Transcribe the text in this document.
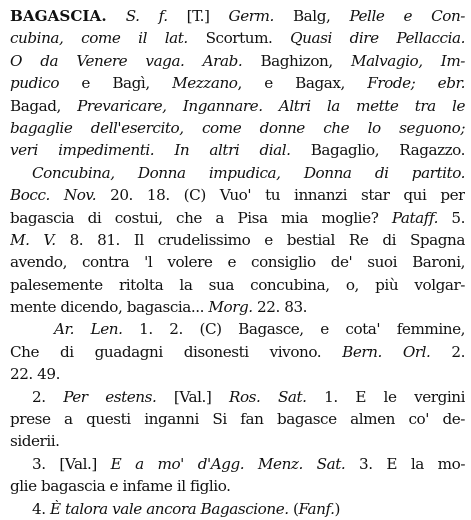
BAGASCIA. S. f. [T.] Germ. Balg, Pelle e Con-
cubina, come il lat. Scortum. Quasi dire Pellaccia.
O da Venere vaga. Arab. Baghizon, Malvagio, Im-
pudico e Bagì, Mezzano, e Bagax, Frode; ebr.
Bagad, Prevaricare, Ingannare. Altri la mette tra le
bagaglie dell'esercito, come donne che lo seguono;
veri impedimenti. In altri dial. Bagaglio, Ragazzo.
Concubina, Donna impudica, Donna di partito.
Bocc. Nov. 20. 18. (C) Vuo' tu innanzi star qui per
bagascia di costui, che a Pisa mia moglie? Pataff. 5.
M. V. 8. 81. Il crudelissimo e bestial Re di Spagna
avendo, contra 'l volere e consiglio de' suoi Baroni,
palesemente ritolta la sua concubina, o, più volgar-
mente dicendo, bagascia... Morg. 22. 83.
Ar. Len. 1. 2. (C) Bagasce, e cota' femmine,
Che di guadagni disonesti vivono. Bern. Orl. 2.
22. 49.
2. Per estens. [Val.] Ros. Sat. 1. E le vergini
prese a questi inganni Si fan bagasce almen co' de-
siderii.
3. [Val.] E a mo' d'Agg. Menz. Sat. 3. E la mo-
glie bagascia e infame il figlio.
4. È talora vale ancora Bagascione. (Fanf.)
